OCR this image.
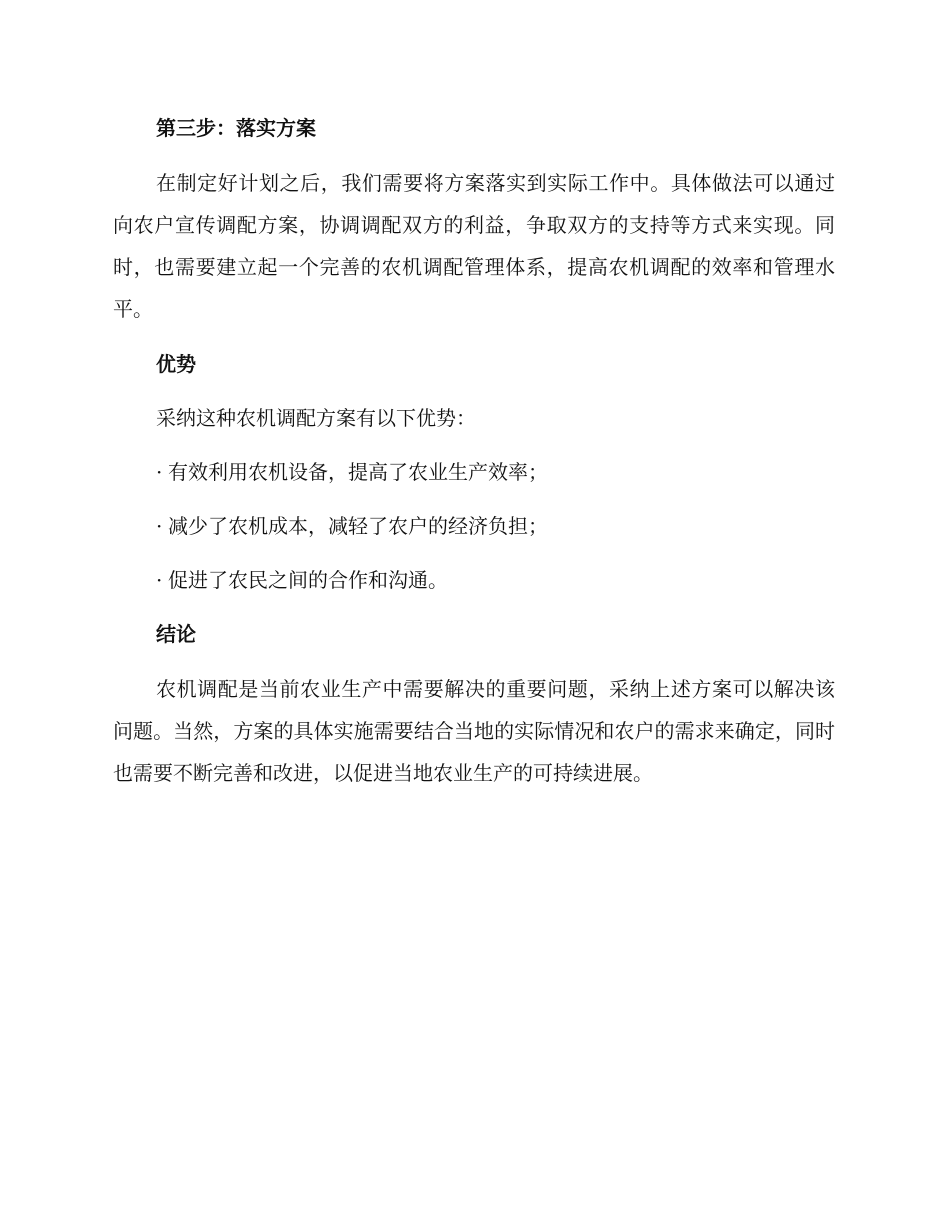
第三步：落实方案

在制定好计划之后，我们需要将方案落实到实际工作中。具体做法可以通过向农户宣传调配方案，协调调配双方的利益，争取双方的支持等方式来实现。同时，也需要建立起一个完善的农机调配管理体系，提高农机调配的效率和管理水平。

优势

采纳这种农机调配方案有以下优势：

· 有效利用农机设备，提高了农业生产效率；

· 减少了农机成本，减轻了农户的经济负担；

· 促进了农民之间的合作和沟通。

结论

农机调配是当前农业生产中需要解决的重要问题，采纳上述方案可以解决该问题。当然，方案的具体实施需要结合当地的实际情况和农户的需求来确定，同时也需要不断完善和改进，以促进当地农业生产的可持续进展。
